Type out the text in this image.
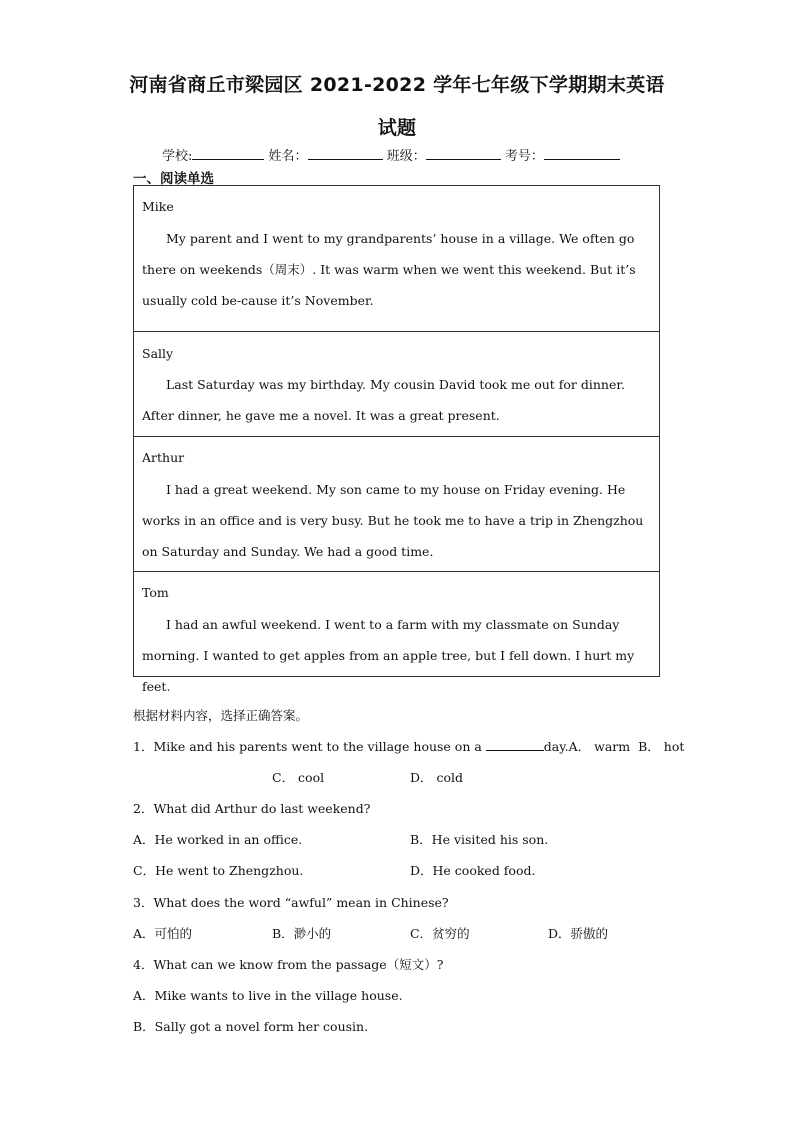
河南省商丘市梁园区 2021-2022 学年七年级下学期期末英语
试题
学校:	姓名：	班级：	考号：
一、阅读单选
Mike
My parent and I went to my grandparents’ house in a village. We often go there on weekends（周末）. It was warm when we went this weekend. But it’s usually cold be-cause it’s November.
Sally
Last Saturday was my birthday. My cousin David took me out for dinner. After dinner, he gave me a novel. It was a great present.
Arthur
I had a great weekend. My son came to my house on Friday evening. He works in an office and is very busy. But he took me to have a trip in Zhengzhou on Saturday and Sunday. We had a good time.
Tom
I had an awful weekend. I went to a farm with my classmate on Sunday morning. I wanted to get apples from an apple tree, but I fell down. I hurt my feet.
根据材料内容，选择正确答案。
1．Mike and his parents went to the village house on a	day.A． warm B． hot
C． cool	D． cold
2．What did Arthur do last weekend?
A．He worked in an office.	B．He visited his son.
C．He went to Zhengzhou.	D．He cooked food.
3．What does the word “awful” mean in Chinese?
A．可怕的	B．渺小的	C．贫穷的	D．骄傲的
4．What can we know from the passage（短文）?
A．Mike wants to live in the village house.
B．Sally got a novel form her cousin.
